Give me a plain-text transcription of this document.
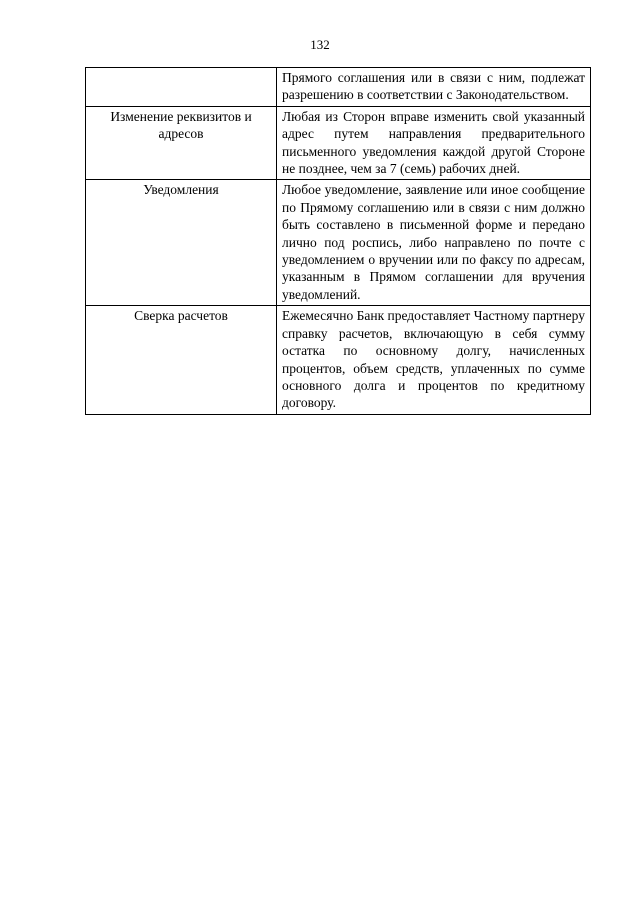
132
	Прямого соглашения или в связи с ним, подлежат разрешению в соответствии с Законодательством.
Изменение реквизитов и адресов	Любая из Сторон вправе изменить свой указанный адрес путем направления предварительного письменного уведомления каждой другой Стороне не позднее, чем за 7 (семь) рабочих дней.
Уведомления	Любое уведомление, заявление или иное сообщение по Прямому соглашению или в связи с ним должно быть составлено в письменной форме и передано лично под роспись, либо направлено по почте с уведомлением о вручении или по факсу по адресам, указанным в Прямом соглашении для вручения уведомлений.
Сверка расчетов	Ежемесячно Банк предоставляет Частному партнеру справку расчетов, включающую в себя сумму остатка по основному долгу, начисленных процентов, объем средств, уплаченных по сумме основного долга и процентов по кредитному договору.
